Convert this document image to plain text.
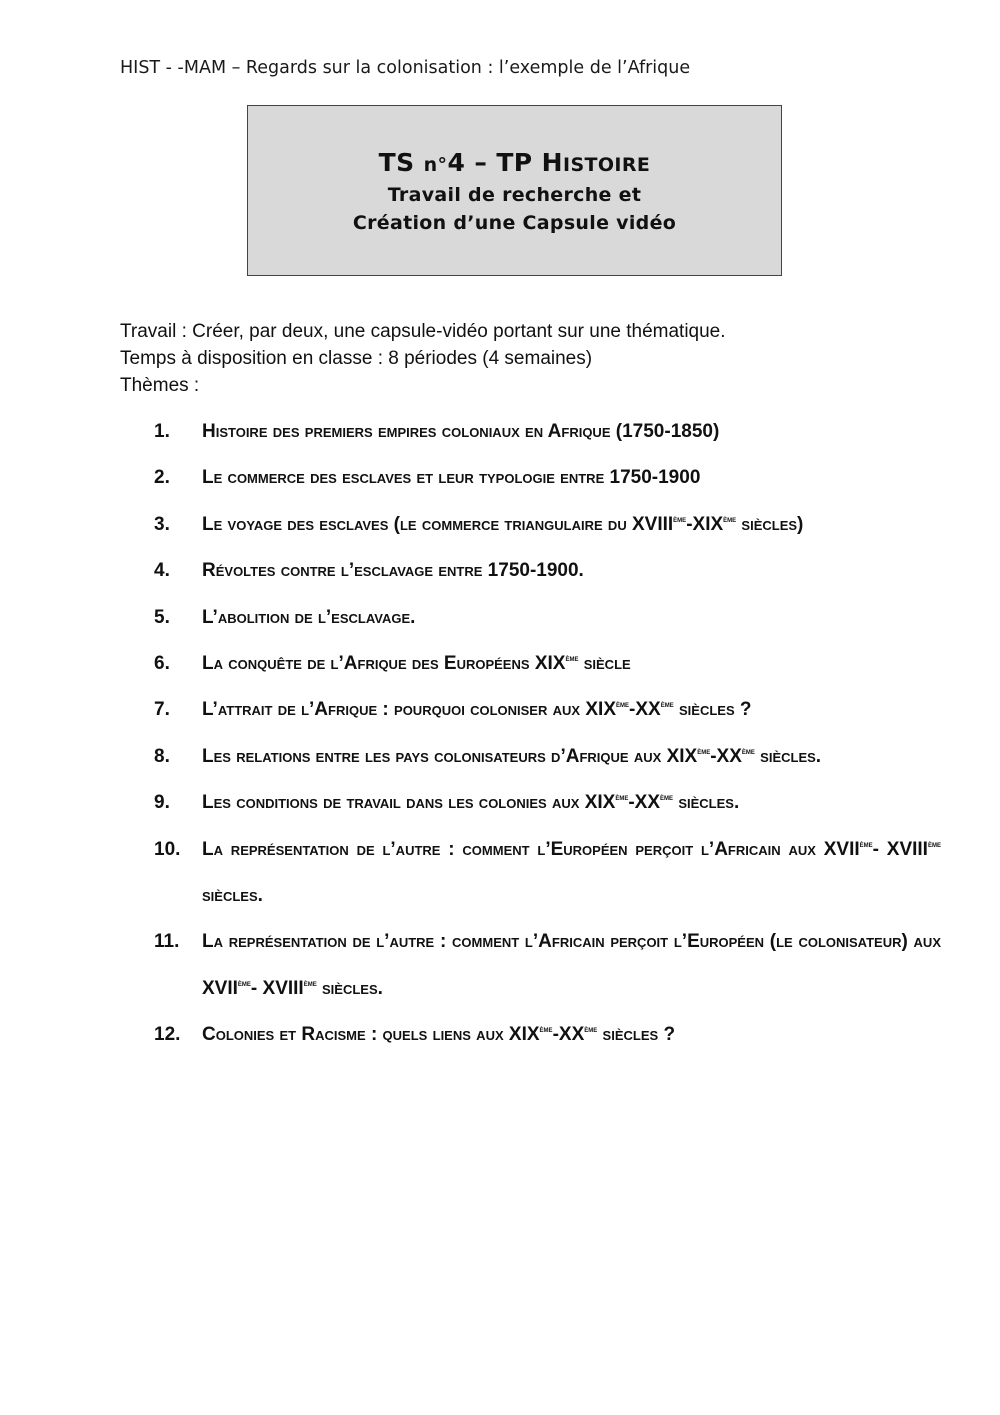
HIST - -MAM – Regards sur la colonisation : l’exemple de l’Afrique
TS n°4 – TP HISTOIRE
Travail de recherche et
Création d’une Capsule vidéo
Travail : Créer, par deux, une capsule-vidéo portant sur une thématique.
Temps à disposition en classe : 8 périodes (4 semaines)
Thèmes :
1. Histoire des premiers empires coloniaux en Afrique (1750-1850)
2. Le commerce des esclaves et leur typologie entre 1750-1900
3. Le voyage des esclaves (le commerce triangulaire du XVIIIème-XIXème siècles)
4. Révoltes contre l’esclavage entre 1750-1900.
5. L’abolition de l’esclavage.
6. La conquête de l’Afrique des Européens XIXème siècle
7. L’attrait de l’Afrique : pourquoi coloniser aux XIXème-XXème siècles ?
8. Les relations entre les pays colonisateurs d’Afrique aux XIXème-XXème siècles.
9. Les conditions de travail dans les colonies aux XIXème-XXème siècles.
10. La représentation de l’autre : comment l’Européen perçoit l’Africain aux XVIIème- XVIIIème siècles.
11. La représentation de l’autre : comment l’Africain perçoit l’Européen (le colonisateur) aux XVIIème- XVIIIème siècles.
12. Colonies et Racisme : quels liens aux XIXème-XXème siècles ?
